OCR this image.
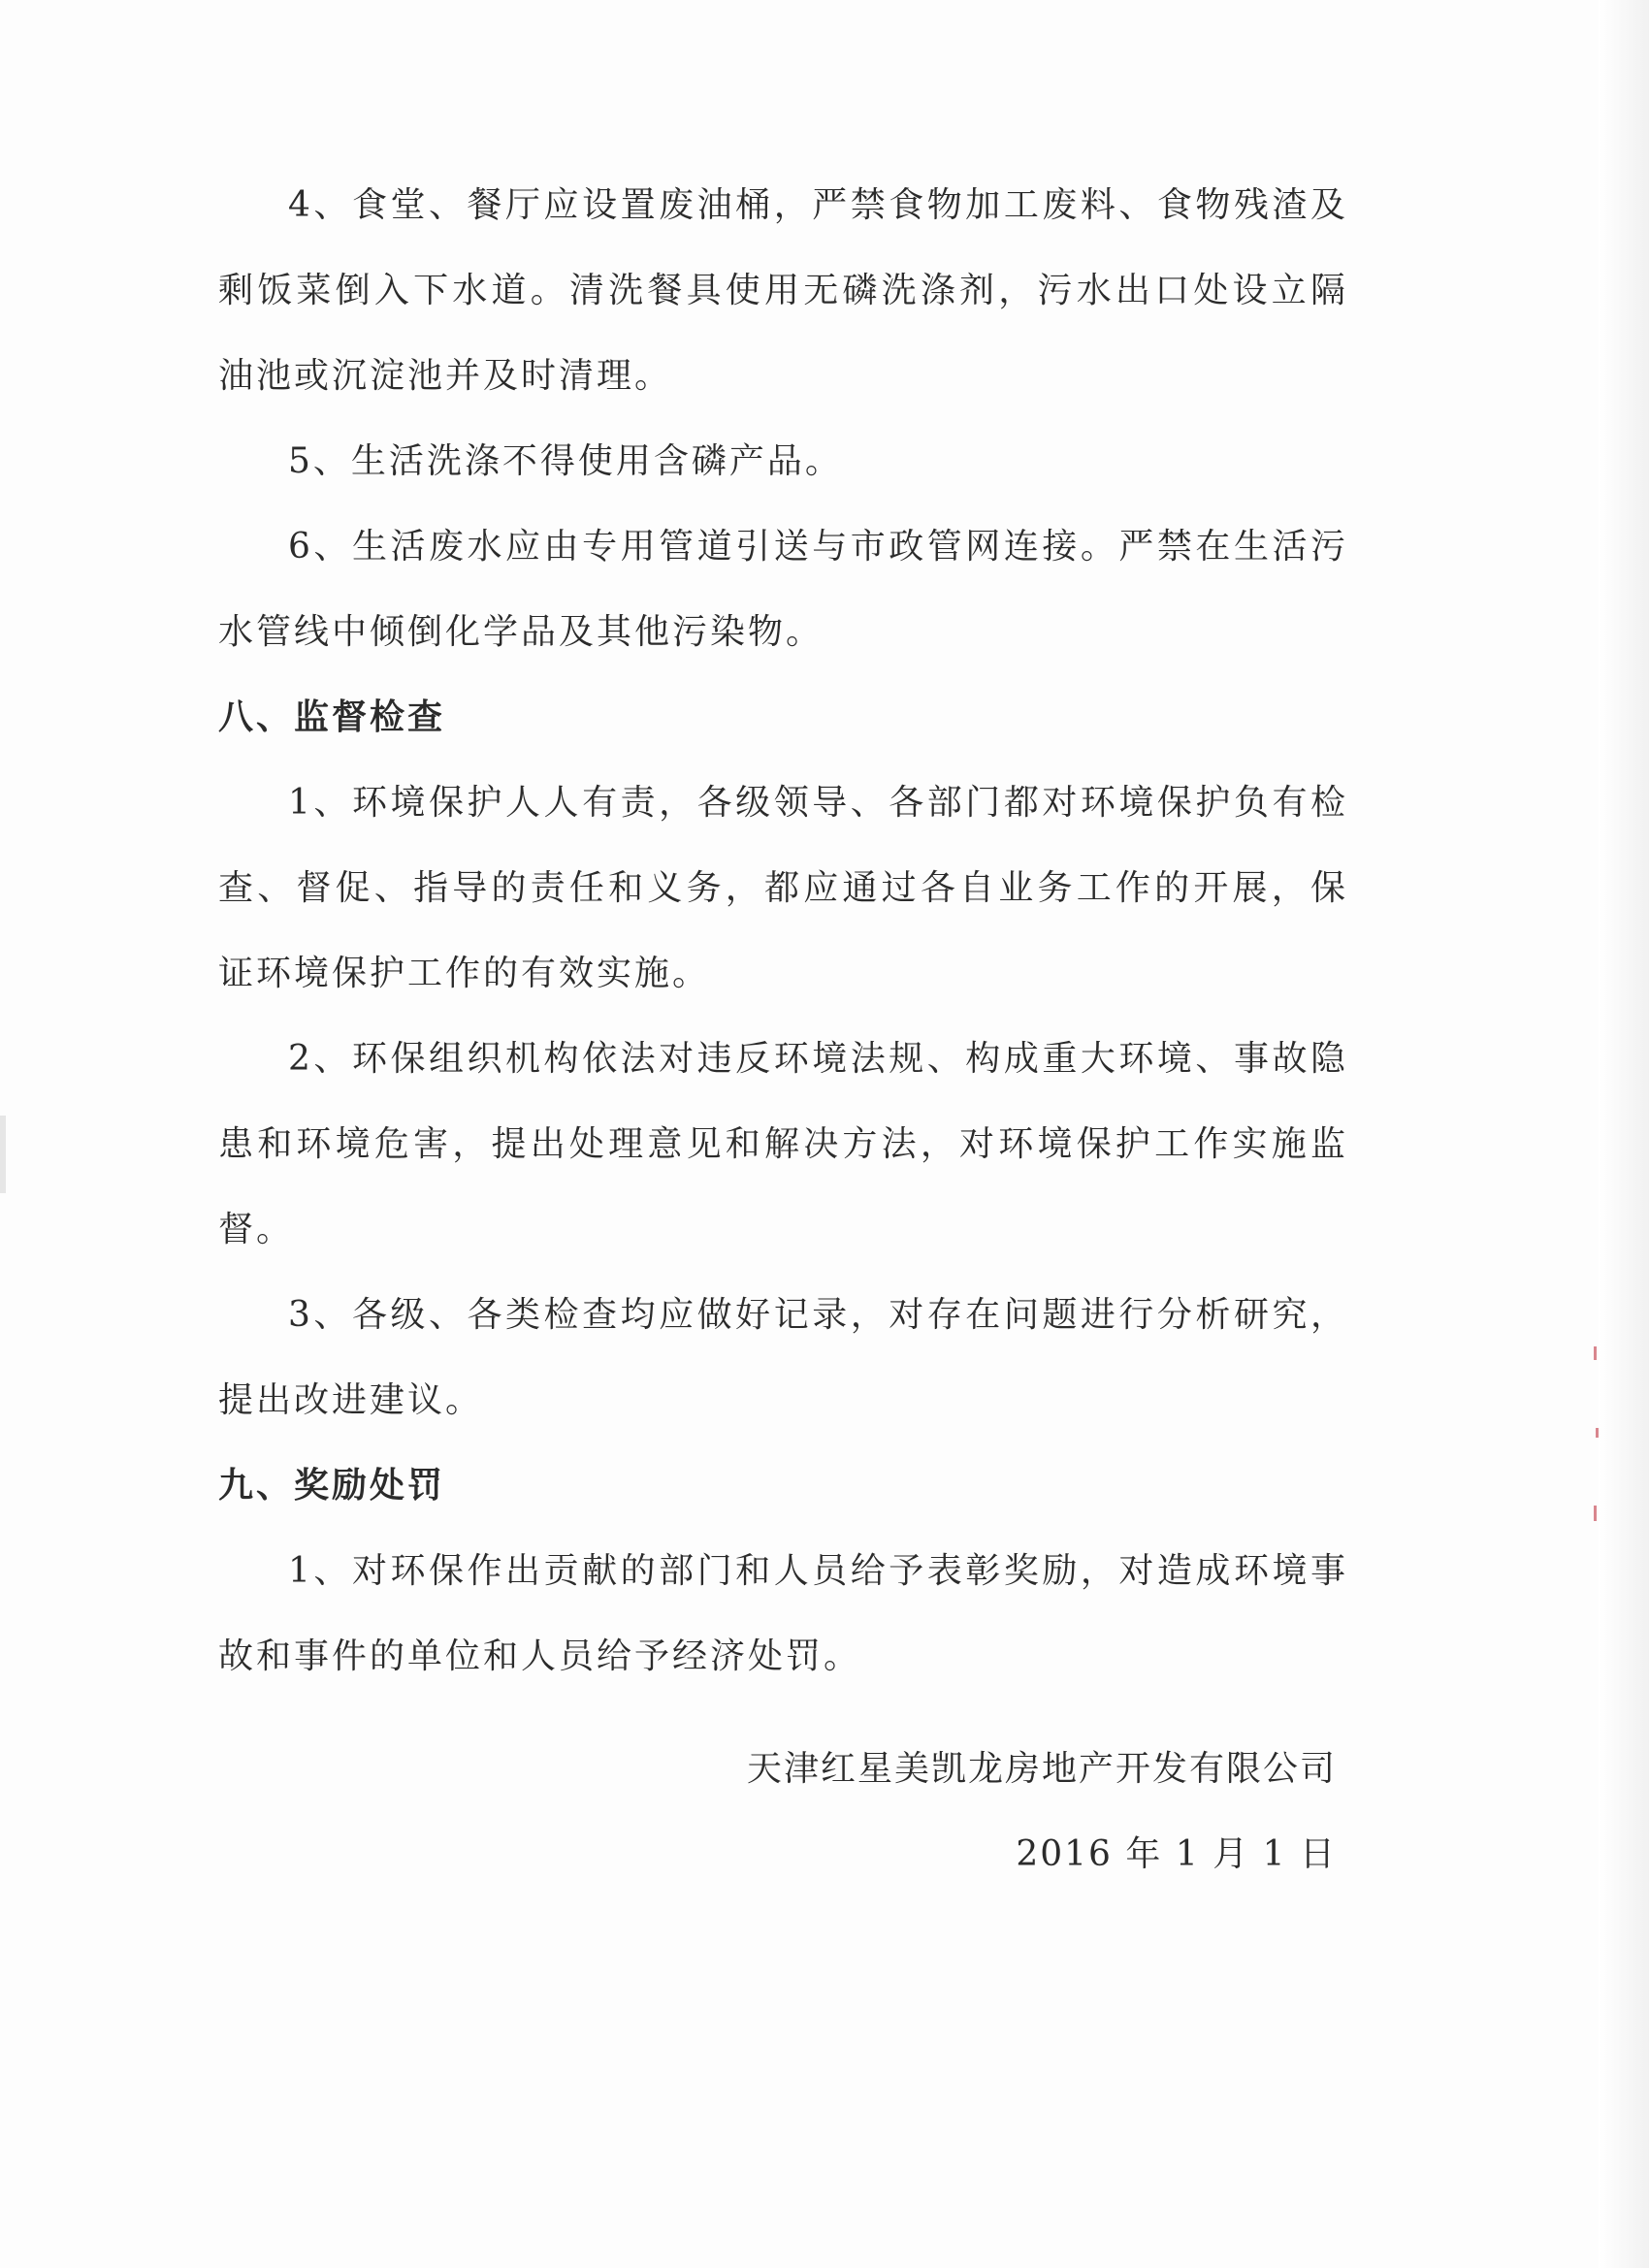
4、食堂、餐厅应设置废油桶，严禁食物加工废料、食物残渣及剩饭菜倒入下水道。清洗餐具使用无磷洗涤剂，污水出口处设立隔油池或沉淀池并及时清理。

5、生活洗涤不得使用含磷产品。

6、生活废水应由专用管道引送与市政管网连接。严禁在生活污水管线中倾倒化学品及其他污染物。

八、监督检查

1、环境保护人人有责，各级领导、各部门都对环境保护负有检查、督促、指导的责任和义务，都应通过各自业务工作的开展，保证环境保护工作的有效实施。

2、环保组织机构依法对违反环境法规、构成重大环境、事故隐患和环境危害，提出处理意见和解决方法，对环境保护工作实施监督。

3、各级、各类检查均应做好记录，对存在问题进行分析研究，提出改进建议。

九、奖励处罚

1、对环保作出贡献的部门和人员给予表彰奖励，对造成环境事故和事件的单位和人员给予经济处罚。

天津红星美凯龙房地产开发有限公司
2016 年 1 月 1 日
